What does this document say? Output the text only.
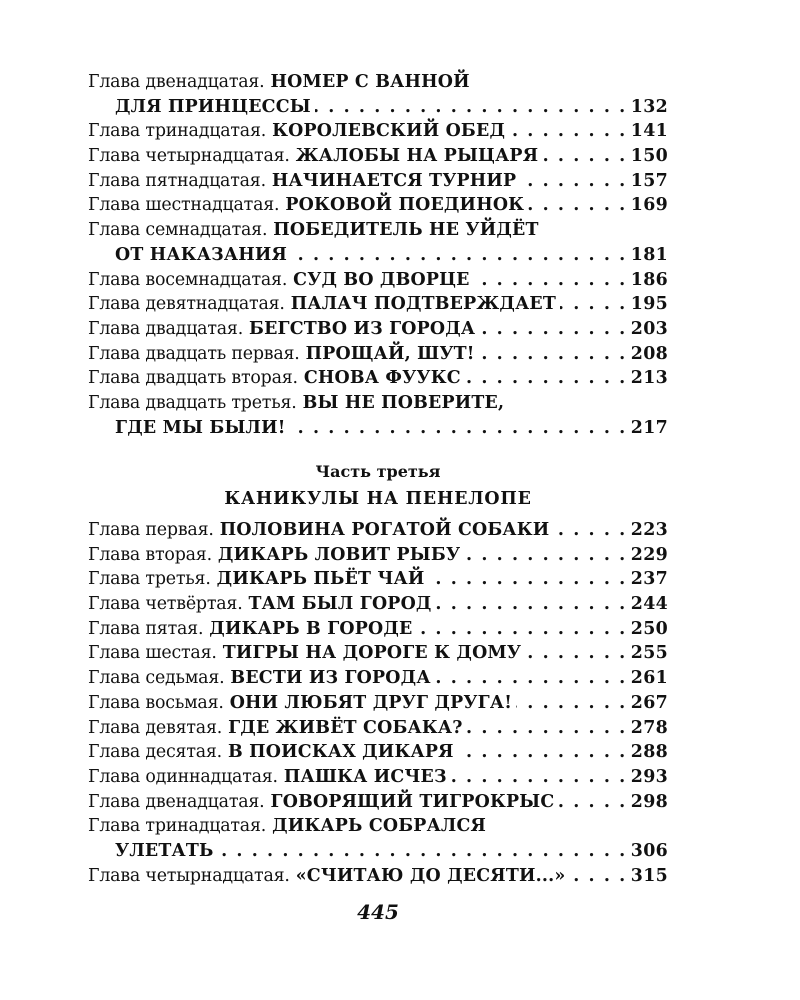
Глава двенадцатая. НОМЕР С ВАННОЙ
ДЛЯ ПРИНЦЕССЫ . . .	132
Глава тринадцатая. КОРОЛЕВСКИЙ ОБЕД . . .	141
Глава четырнадцатая. ЖАЛОБЫ НА РЫЦАРЯ . . .	150
Глава пятнадцатая. НАЧИНАЕТСЯ ТУРНИР . . .	157
Глава шестнадцатая. РОКОВОЙ ПОЕДИНОК . . .	169
Глава семнадцатая. ПОБЕДИТЕЛЬ НЕ УЙДЁТ
ОТ НАКАЗАНИЯ . . .	181
Глава восемнадцатая. СУД ВО ДВОРЦЕ . . .	186
Глава девятнадцатая. ПАЛАЧ ПОДТВЕРЖДАЕТ . . .	195
Глава двадцатая. БЕГСТВО ИЗ ГОРОДА . . .	203
Глава двадцать первая. ПРОЩАЙ, ШУТ! . . .	208
Глава двадцать вторая. СНОВА ФУУКС . . .	213
Глава двадцать третья. ВЫ НЕ ПОВЕРИТЕ,
ГДЕ МЫ БЫЛИ! . . .	217
Часть третья
КАНИКУЛЫ НА ПЕНЕЛОПЕ
Глава первая. ПОЛОВИНА РОГАТОЙ СОБАКИ . . .	223
Глава вторая. ДИКАРЬ ЛОВИТ РЫБУ . . .	229
Глава третья. ДИКАРЬ ПЬЁТ ЧАЙ . . .	237
Глава четвёртая. ТАМ БЫЛ ГОРОД . . .	244
Глава пятая. ДИКАРЬ В ГОРОДЕ . . .	250
Глава шестая. ТИГРЫ НА ДОРОГЕ К ДОМУ . . .	255
Глава седьмая. ВЕСТИ ИЗ ГОРОДА . . .	261
Глава восьмая. ОНИ ЛЮБЯТ ДРУГ ДРУГА! . . .	267
Глава девятая. ГДЕ ЖИВЁТ СОБАКА? . . .	278
Глава десятая. В ПОИСКАХ ДИКАРЯ . . .	288
Глава одиннадцатая. ПАШКА ИСЧЕЗ . . .	293
Глава двенадцатая. ГОВОРЯЩИЙ ТИГРОКРЫС . . .	298
Глава тринадцатая. ДИКАРЬ СОБРАЛСЯ
УЛЕТАТЬ . . .	306
Глава четырнадцатая. «СЧИТАЮ ДО ДЕСЯТИ...» . . .	315
445
